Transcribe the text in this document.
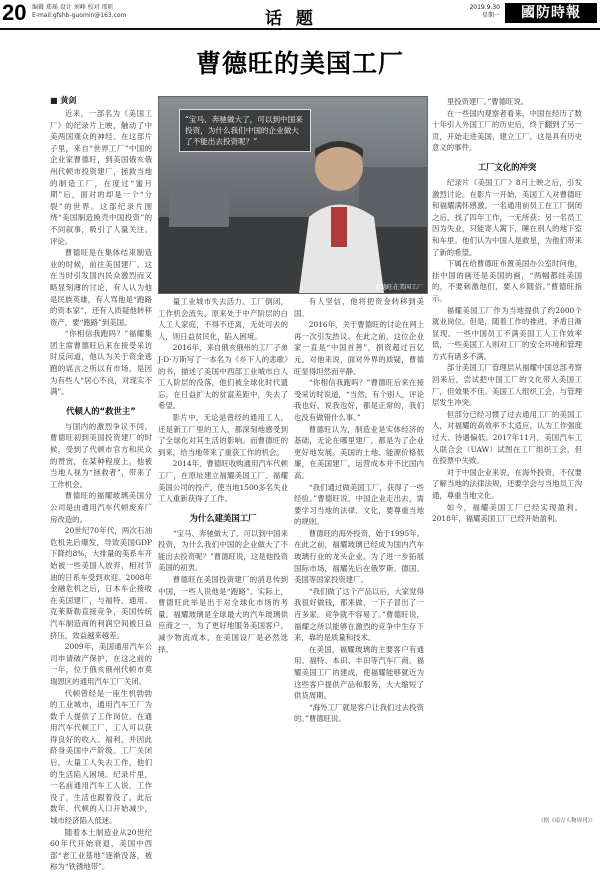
20 编辑 郑瑶 设计 刘峰 校对 邢昕
E-mail:gfshb-guomin@163.com	话 题
2019.9.30
星期一	國防時報
曹德旺的美国工厂
■ 黄剑
“宝马、奔驰做大了，可以到中国来投资，为什么我们中国的企业做大了不能出去投资呢？”
曹德旺在美国工厂

近来，一部名为《美国工厂》的纪录片上映，触动了中美两国观众的神经。在这部片子里，来自“世界工厂”中国的企业家曹德旺，到美国俄亥俄州代顿市投资建厂，拯救当地的制造工厂，在度过“蜜月期”后，面对的却是一个“分裂”的世界。这部纪录片围绕“美国制造换壳中国投资”的不同叙事，吸引了人量关注、评论。

曹德旺是在集体结束制造业的时候，前往美国建厂。这在当时引发国内民众激烈而又略显刻薄的讨论，有人认为他是民族英雄，有人骂他是“跑路的资本家”，还有人质疑他转移资产，要“跑路”到美国。

“你相信我跑吗？”福耀集团主席曹德旺后来在接受采访时反问道，他认为关于资金逃跑的谣言之所以有市场，是因为有些人“居心不良，对现实不满”。

代顿人的“救世主”

与国内的激烈争议不同，曹德旺初到美国投资建厂的时候，受到了代顿市官方和民众的赞赏，在某种程度上，他被当地人视为“拯救者”，带来了工作机会。

曹德旺的福耀玻璃美国分公司是由通用汽车代顿废弃厂房改造的。

20世纪70年代，两次石油危机先后爆发，导致美国GDP下降约8%，大排量的美系车开始被一些美国人放弃，相对节油的日系车受到欢迎。2008年金融危机之后，日本车企接收在美国建厂，与福特、通用、克莱斯勒直接竞争，美国传统汽车制造商的利润空间被日益挤压，效益越来越差。

2009年，美国通用汽车公司申请破产保护，在这之前的一年，位于俄亥俄州代顿市莫瑞恩区的通用汽车工厂关闭。

代顿曾经是一座生机勃勃的工业城市，通用汽车工厂为数千人提供了工作岗位。在通用汽车代顿工厂，工人可以获得良好的收入、福利，并因此跻身美国中产阶级。工厂关闭后，大量工人失去工作，他们的生活陷入困境。纪录片里，一名前通用汽车工人说，工作没了，生活也跟着没了。此后数年，代顿的人口开始减少，城市经济陷入低迷。

随着本土制造业从20世纪60年代开始衰退，美国中西部“老工业基地”逐渐没落，被称为“铁锈地带”。

量工业城市失去活力。工厂倒闭，工作机会流失，原来处于中产阶层的白人工人家庭，不得不迁离，无处可去的人，则日益贫民化，陷入困境。

2016年，来自俄亥俄州的工厂子弟J·D·万斯写了一本名为《乡下人的悲歌》的书，描述了美国中西部工业城市白人工人阶层的没落，他们被全球化时代遗忘，在日益扩大的贫富差距中，失去了希望。

影片中，无论是曾经的通用工人，还是新工厂里的工人，都深刻地感受到了全球化对其生活的影响。而曹德旺的到来，给当地带来了重获工作的机会。

2014年，曹德旺收购通用汽车代顿工厂，在原址建立福耀美国工厂。福耀美国公司的投产，使当地1500多名失业工人重新获得了工作。

为什么建美国工厂

“宝马、奔驰做大了，可以到中国来投资，为什么我们中国的企业做大了不能出去投资呢？”曹德旺说，这是他投资美国的初衷。

曹德旺在美国投资建厂的消息传到中国，一些人说他是“跑路”。实际上，曹德旺此举是出于对全球化市场的考量。福耀玻璃是全球最大的汽车玻璃供应商之一，为了更好地服务美国客户，减少物流成本，在美国设厂是必然选择。

有人坚信，他将把资金转移到美国。

2016年，关于曹德旺的讨论在网上再一次引发热议。在此之前，这位企业家一直是“中国首善”，捐资超过百亿元。对他来说，面对外界的质疑，曹德旺显得坦然而平静。

“你相信我跑吗？”曹德旺后来在接受采访时说道，“当然，有个别人，评论我也好，说我也好，都是正常的，我们也没有做错什么事。”

曹德旺认为，制造业是实体经济的基础，无论在哪里建厂，都是为了企业更好地发展。美国的土地、能源价格低廉，在美国建厂，运营成本并不比国内高。

“我们通过做美国工厂，获得了一些经验。”曹德旺说，中国企业走出去，需要学习当地的法律、文化，要尊重当地的规则。

曹德旺的海外投资，始于1995年。在此之前，福耀玻璃已经成为国内汽车玻璃行业的龙头企业。为了进一步拓展国际市场，福耀先后在俄罗斯、德国、美国等国家投资建厂。

“我们做了这个产品以后，大家觉得我很好做钱，都来做，一下子冒出了一百多家。竞争就不容易了。”曹德旺说，福耀之所以能够在激烈的竞争中生存下来，靠的是质量和技术。

在美国，福耀玻璃的主要客户有通用、福特、本田、丰田等汽车厂商。福耀美国工厂的建成，使福耀能够就近为这些客户提供产品和服务，大大缩短了供货周期。

“海外工厂就是客户让我们过去投资的。”曹德旺说。

里投资建厂。”曹德旺说。

在一些国内观察者看来，中国在经历了数十年引入外国工厂的历史后，终于翻到了另一页，开始走进美国，建立工厂，这是具有历史意义的事件。

工厂文化的冲突

纪录片《美国工厂》8月上映之后，引发激烈讨论。在影片一开始，美国工人对曹德旺和福耀满怀感激。一名通用前员工在工厂倒闭之后，找了四年工作，一无所获；另一名员工因为失业，只能寄人篱下，睡在别人的地下室和车里。他们认为中国人是救星，为他们带来了新的希望。

下属在给曹德旺布置美国办公室时问他，挂中国的画还是美国的画，“两幅都挂美国的，不要刺激他们，要入乡随俗。”曹德旺指示。

福耀美国工厂作为当地提供了约2000个就业岗位。但是，随着工作的推进，矛盾日渐显现。一些中国员工不满美国工人工作效率低，一些美国工人则对工厂的安全环境和管理方式有诸多不满。

部分美国工厂管理层从福耀中国总部考察回来后，尝试把中国工厂的文化带入美国工厂，但效果不佳。美国工人组织工会，与管理层发生冲突。

但部分已经习惯了过去通用工厂的美国工人，对福耀的高效率不太适应，认为工作强度过大、待遇偏低。2017年11月，美国汽车工人联合会（UAW）试图在工厂组织工会，但在投票中失败。

对于中国企业来说，在海外投资，不仅要了解当地的法律法规，还要学会与当地员工沟通，尊重当地文化。

如今，福耀美国工厂已经实现盈利。2018年，福耀美国工厂已经开始盈利。

（据《南方人物周刊》）
